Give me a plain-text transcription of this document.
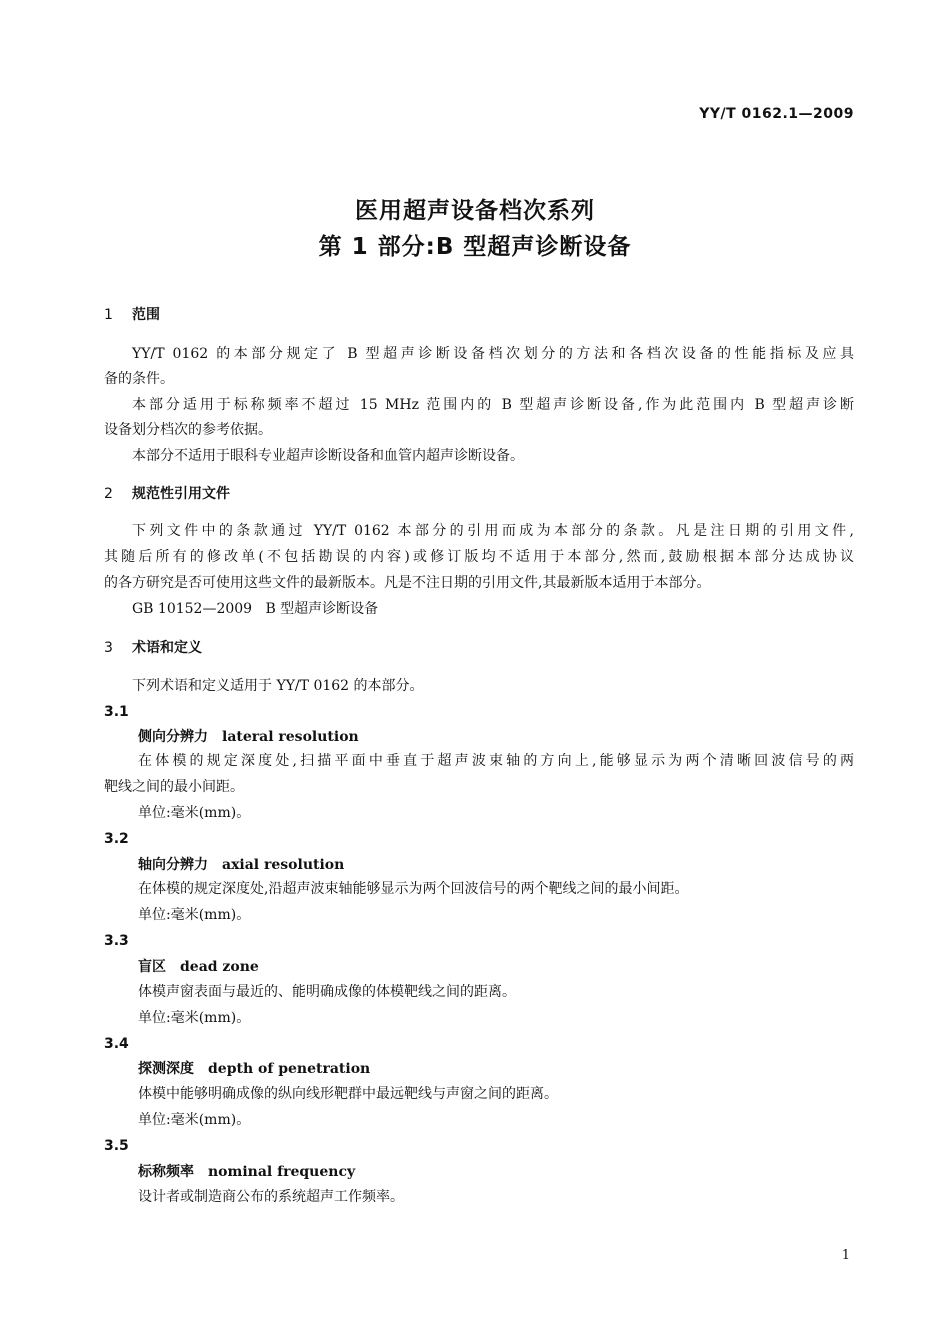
YY/T 0162.1—2009
医用超声设备档次系列
第 1 部分:B 型超声诊断设备
1 范围
YY/T 0162 的本部分规定了 B 型超声诊断设备档次划分的方法和各档次设备的性能指标及应具
备的条件。
本部分适用于标称频率不超过 15 MHz 范围内的 B 型超声诊断设备,作为此范围内 B 型超声诊断
设备划分档次的参考依据。
本部分不适用于眼科专业超声诊断设备和血管内超声诊断设备。
2 规范性引用文件
下列文件中的条款通过 YY/T 0162 本部分的引用而成为本部分的条款。凡是注日期的引用文件,
其随后所有的修改单(不包括勘误的内容)或修订版均不适用于本部分,然而,鼓励根据本部分达成协议
的各方研究是否可使用这些文件的最新版本。凡是不注日期的引用文件,其最新版本适用于本部分。
GB 10152—2009   B 型超声诊断设备
3 术语和定义
下列术语和定义适用于 YY/T 0162 的本部分。
3.1
侧向分辨力 lateral resolution
在体模的规定深度处,扫描平面中垂直于超声波束轴的方向上,能够显示为两个清晰回波信号的两
靶线之间的最小间距。
单位:毫米(mm)。
3.2
轴向分辨力 axial resolution
在体模的规定深度处,沿超声波束轴能够显示为两个回波信号的两个靶线之间的最小间距。
单位:毫米(mm)。
3.3
盲区 dead zone
体模声窗表面与最近的、能明确成像的体模靶线之间的距离。
单位:毫米(mm)。
3.4
探测深度 depth of penetration
体模中能够明确成像的纵向线形靶群中最远靶线与声窗之间的距离。
单位:毫米(mm)。
3.5
标称频率 nominal frequency
设计者或制造商公布的系统超声工作频率。
1
